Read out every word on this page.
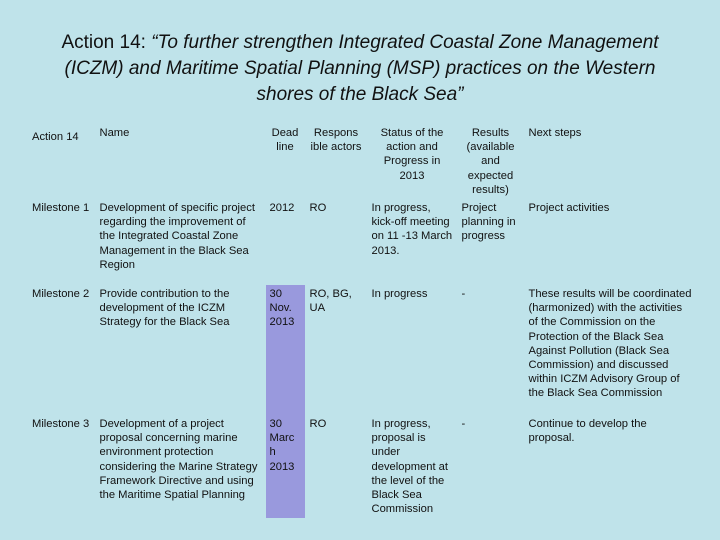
Action 14: “To further strengthen Integrated Coastal Zone Management (ICZM) and Maritime Spatial Planning (MSP) practices on the Western shores of the Black Sea”
Action 14	Name	Dead line	Respons ible actors	Status of the action and Progress in 2013	Results (available and expected results)	Next steps
Milestone 1	Development of specific project regarding the improvement of the Integrated Coastal Zone Management in the Black Sea Region	2012	RO	In progress, kick-off meeting on 11 -13 March 2013.	Project planning in progress	Project activities
Milestone 2	Provide contribution to the development of the ICZM Strategy for the Black Sea	30 Nov. 2013	RO, BG, UA	In progress	-	These results will be coordinated (harmonized) with the activities of the Commission on the Protection of the Black Sea Against Pollution (Black Sea Commission) and discussed within ICZM Advisory Group of the Black Sea Commission
Milestone 3	Development of a project proposal concerning marine environment protection considering the Marine Strategy Framework Directive and using the Maritime Spatial Planning	30 Marc h 2013	RO	In progress, proposal is under development at the level of the Black Sea Commission	-	Continue to develop the proposal.
